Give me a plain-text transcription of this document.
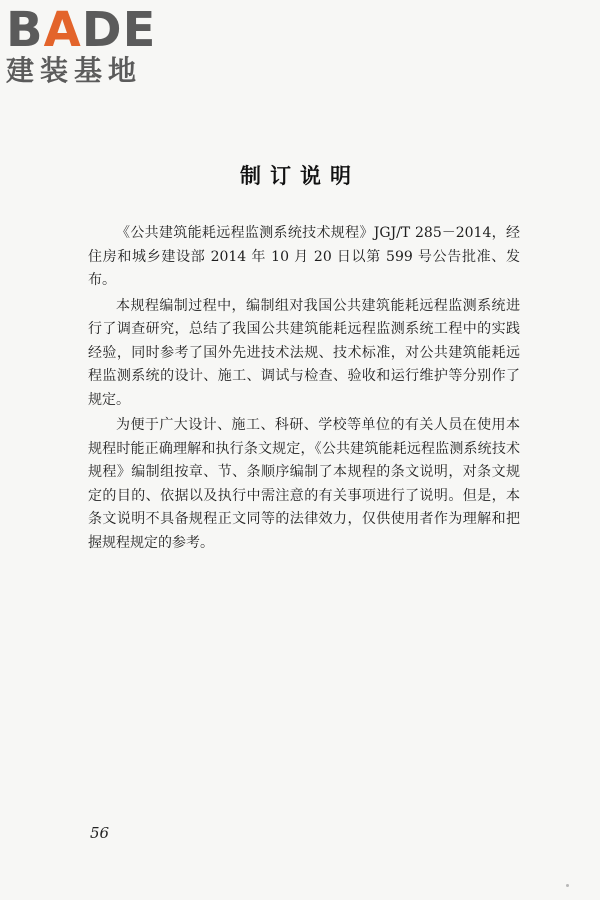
BADE
建装基地
制订说明

《公共建筑能耗远程监测系统技术规程》JGJ/T 285－2014，经住房和城乡建设部 2014 年 10 月 20 日以第 599 号公告批准、发布。

本规程编制过程中，编制组对我国公共建筑能耗远程监测系统进行了调查研究，总结了我国公共建筑能耗远程监测系统工程中的实践经验，同时参考了国外先进技术法规、技术标准，对公共建筑能耗远程监测系统的设计、施工、调试与检查、验收和运行维护等分别作了规定。

为便于广大设计、施工、科研、学校等单位的有关人员在使用本规程时能正确理解和执行条文规定，《公共建筑能耗远程监测系统技术规程》编制组按章、节、条顺序编制了本规程的条文说明，对条文规定的目的、依据以及执行中需注意的有关事项进行了说明。但是，本条文说明不具备规程正文同等的法律效力，仅供使用者作为理解和把握规程规定的参考。

56
